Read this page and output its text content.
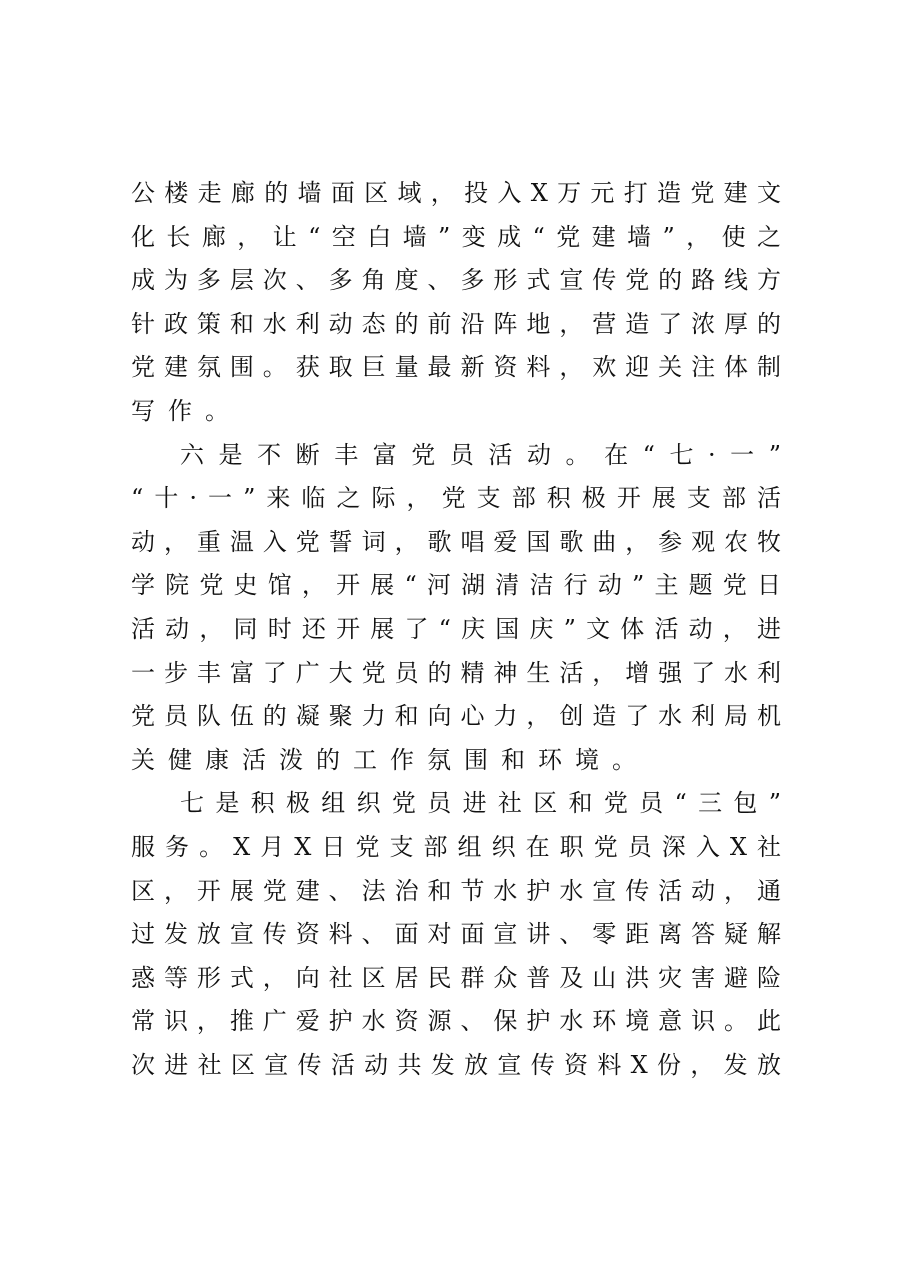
公楼走廊的墙面区域，投入X万元打造党建文
化长廊，让“空白墙”变成“党建墙”，使之
成为多层次、多角度、多形式宣传党的路线方
针政策和水利动态的前沿阵地，营造了浓厚的
党建氛围。获取巨量最新资料，欢迎关注体制
写作。
六是不断丰富党员活动。在“七·一”
“十·一”来临之际，党支部积极开展支部活
动，重温入党誓词，歌唱爱国歌曲，参观农牧
学院党史馆，开展“河湖清洁行动”主题党日
活动，同时还开展了“庆国庆”文体活动，进
一步丰富了广大党员的精神生活，增强了水利
党员队伍的凝聚力和向心力，创造了水利局机
关健康活泼的工作氛围和环境。
七是积极组织党员进社区和党员“三包”
服务。X月X日党支部组织在职党员深入X社
区，开展党建、法治和节水护水宣传活动，通
过发放宣传资料、面对面宣讲、零距离答疑解
惑等形式，向社区居民群众普及山洪灾害避险
常识，推广爱护水资源、保护水环境意识。此
次进社区宣传活动共发放宣传资料X份，发放
